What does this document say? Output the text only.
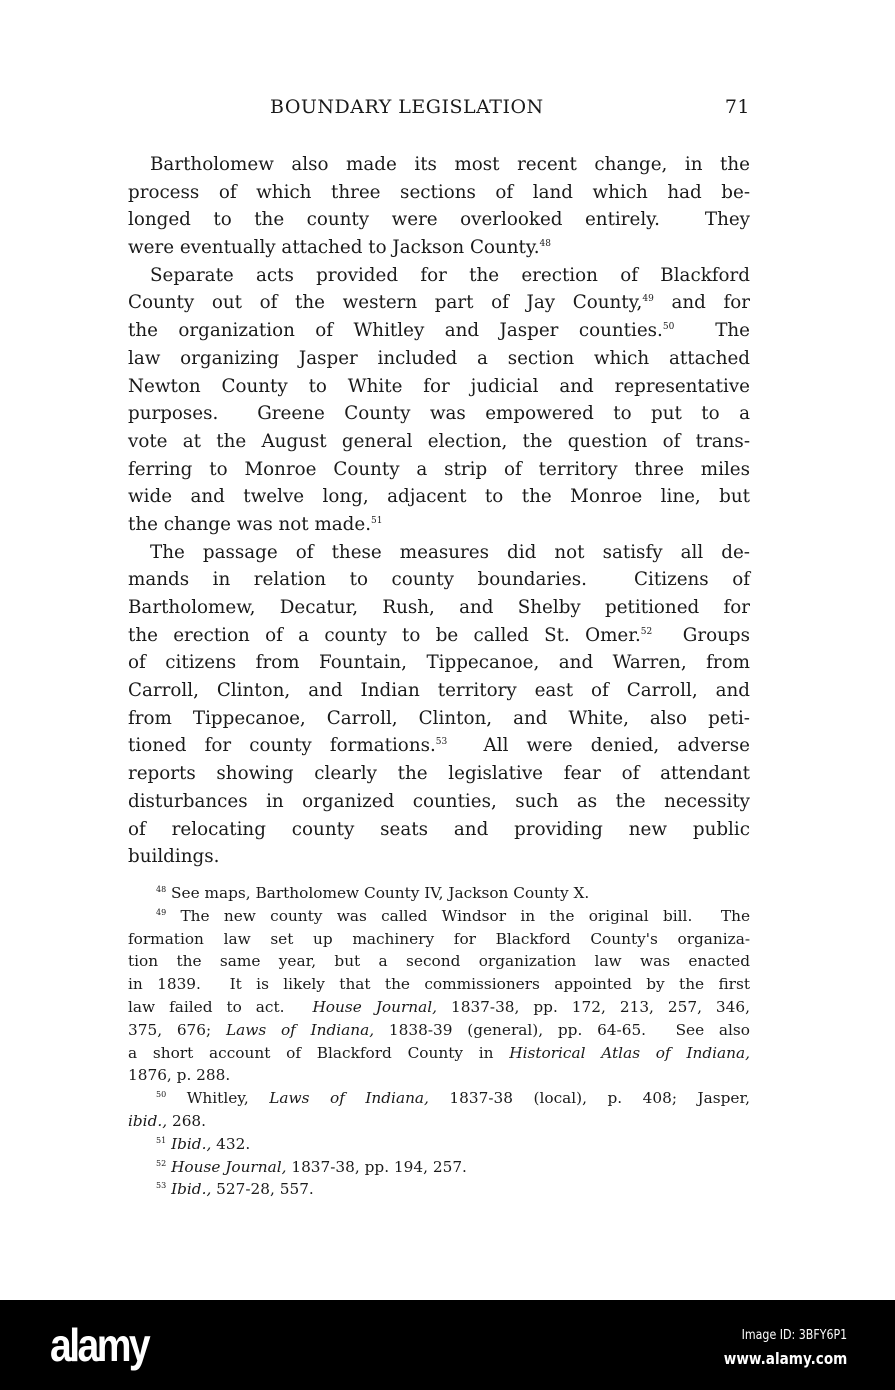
BOUNDARY LEGISLATION	71
Bartholomew also made its most recent change, in the
process of which three sections of land which had be-
longed to the county were overlooked entirely.  They
were eventually attached to Jackson County.$^{48}$
Separate acts provided for the erection of Blackford
County out of the western part of Jay County,$^{49}$ and for
the organization of Whitley and Jasper counties.$^{50}$  The
law organizing Jasper included a section which attached
Newton County to White for judicial and representative
purposes.  Greene County was empowered to put to a
vote at the August general election, the question of trans-
ferring to Monroe County a strip of territory three miles
wide and twelve long, adjacent to the Monroe line, but
the change was not made.$^{51}$
The passage of these measures did not satisfy all de-
mands in relation to county boundaries.  Citizens of
Bartholomew, Decatur, Rush, and Shelby petitioned for
the erection of a county to be called St. Omer.$^{52}$  Groups
of citizens from Fountain, Tippecanoe, and Warren, from
Carroll, Clinton, and Indian territory east of Carroll, and
from Tippecanoe, Carroll, Clinton, and White, also peti-
tioned for county formations.$^{53}$  All were denied, adverse
reports showing clearly the legislative fear of attendant
disturbances in organized counties, such as the necessity
of relocating county seats and providing new public
buildings.
$^{48}$ See maps, Bartholomew County IV, Jackson County X.
$^{49}$ The new county was called Windsor in the original bill.  The
formation law set up machinery for Blackford County's organiza-
tion the same year, but a second organization law was enacted
in 1839.  It is likely that the commissioners appointed by the first
law failed to act.  House Journal, 1837-38, pp. 172, 213, 257, 346,
375, 676; Laws of Indiana, 1838-39 (general), pp. 64-65.  See also
a short account of Blackford County in Historical Atlas of Indiana,
1876, p. 288.
$^{50}$ Whitley, Laws of Indiana, 1837-38 (local), p. 408; Jasper,
ibid., 268.
$^{51}$ Ibid., 432.
$^{52}$ House Journal, 1837-38, pp. 194, 257.
$^{53}$ Ibid., 527-28, 557.
alamy	Image ID: 3BFY6P1
www.alamy.com
